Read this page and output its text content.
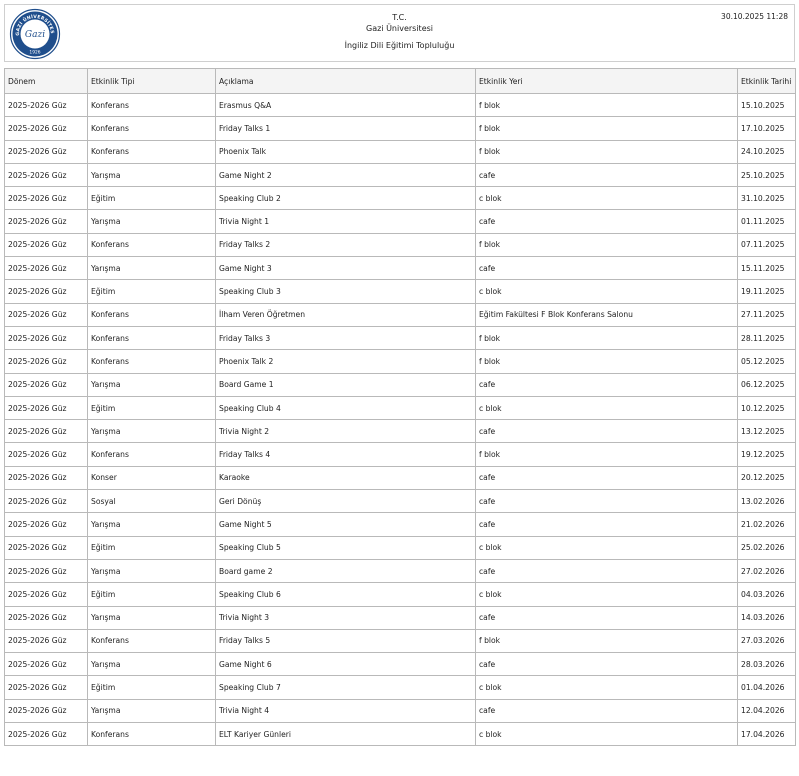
GAZİ ÜNİVERSİTES
Gazi
1926
T.C.
Gazi Üniversitesi
İngiliz Dili Eğitimi Topluluğu
30.10.2025 11:28
Dönem	Etkinlik Tipi	Açıklama	Etkinlik Yeri	Etkinlik Tarihi
2025-2026 Güz	Konferans	Erasmus Q&A	f blok	15.10.2025
2025-2026 Güz	Konferans	Friday Talks 1	f blok	17.10.2025
2025-2026 Güz	Konferans	Phoenix Talk	f blok	24.10.2025
2025-2026 Güz	Yarışma	Game Night 2	cafe	25.10.2025
2025-2026 Güz	Eğitim	Speaking Club 2	c blok	31.10.2025
2025-2026 Güz	Yarışma	Trivia Night 1	cafe	01.11.2025
2025-2026 Güz	Konferans	Friday Talks 2	f blok	07.11.2025
2025-2026 Güz	Yarışma	Game Night 3	cafe	15.11.2025
2025-2026 Güz	Eğitim	Speaking Club 3	c blok	19.11.2025
2025-2026 Güz	Konferans	İlham Veren Öğretmen	Eğitim Fakültesi F Blok Konferans Salonu	27.11.2025
2025-2026 Güz	Konferans	Friday Talks 3	f blok	28.11.2025
2025-2026 Güz	Konferans	Phoenix Talk 2	f blok	05.12.2025
2025-2026 Güz	Yarışma	Board Game 1	cafe	06.12.2025
2025-2026 Güz	Eğitim	Speaking Club 4	c blok	10.12.2025
2025-2026 Güz	Yarışma	Trivia Night 2	cafe	13.12.2025
2025-2026 Güz	Konferans	Friday Talks 4	f blok	19.12.2025
2025-2026 Güz	Konser	Karaoke	cafe	20.12.2025
2025-2026 Güz	Sosyal	Geri Dönüş	cafe	13.02.2026
2025-2026 Güz	Yarışma	Game Night 5	cafe	21.02.2026
2025-2026 Güz	Eğitim	Speaking Club 5	c blok	25.02.2026
2025-2026 Güz	Yarışma	Board game 2	cafe	27.02.2026
2025-2026 Güz	Eğitim	Speaking Club 6	c blok	04.03.2026
2025-2026 Güz	Yarışma	Trivia Night 3	cafe	14.03.2026
2025-2026 Güz	Konferans	Friday Talks 5	f blok	27.03.2026
2025-2026 Güz	Yarışma	Game Night 6	cafe	28.03.2026
2025-2026 Güz	Eğitim	Speaking Club 7	c blok	01.04.2026
2025-2026 Güz	Yarışma	Trivia Night 4	cafe	12.04.2026
2025-2026 Güz	Konferans	ELT Kariyer Günleri	c blok	17.04.2026
